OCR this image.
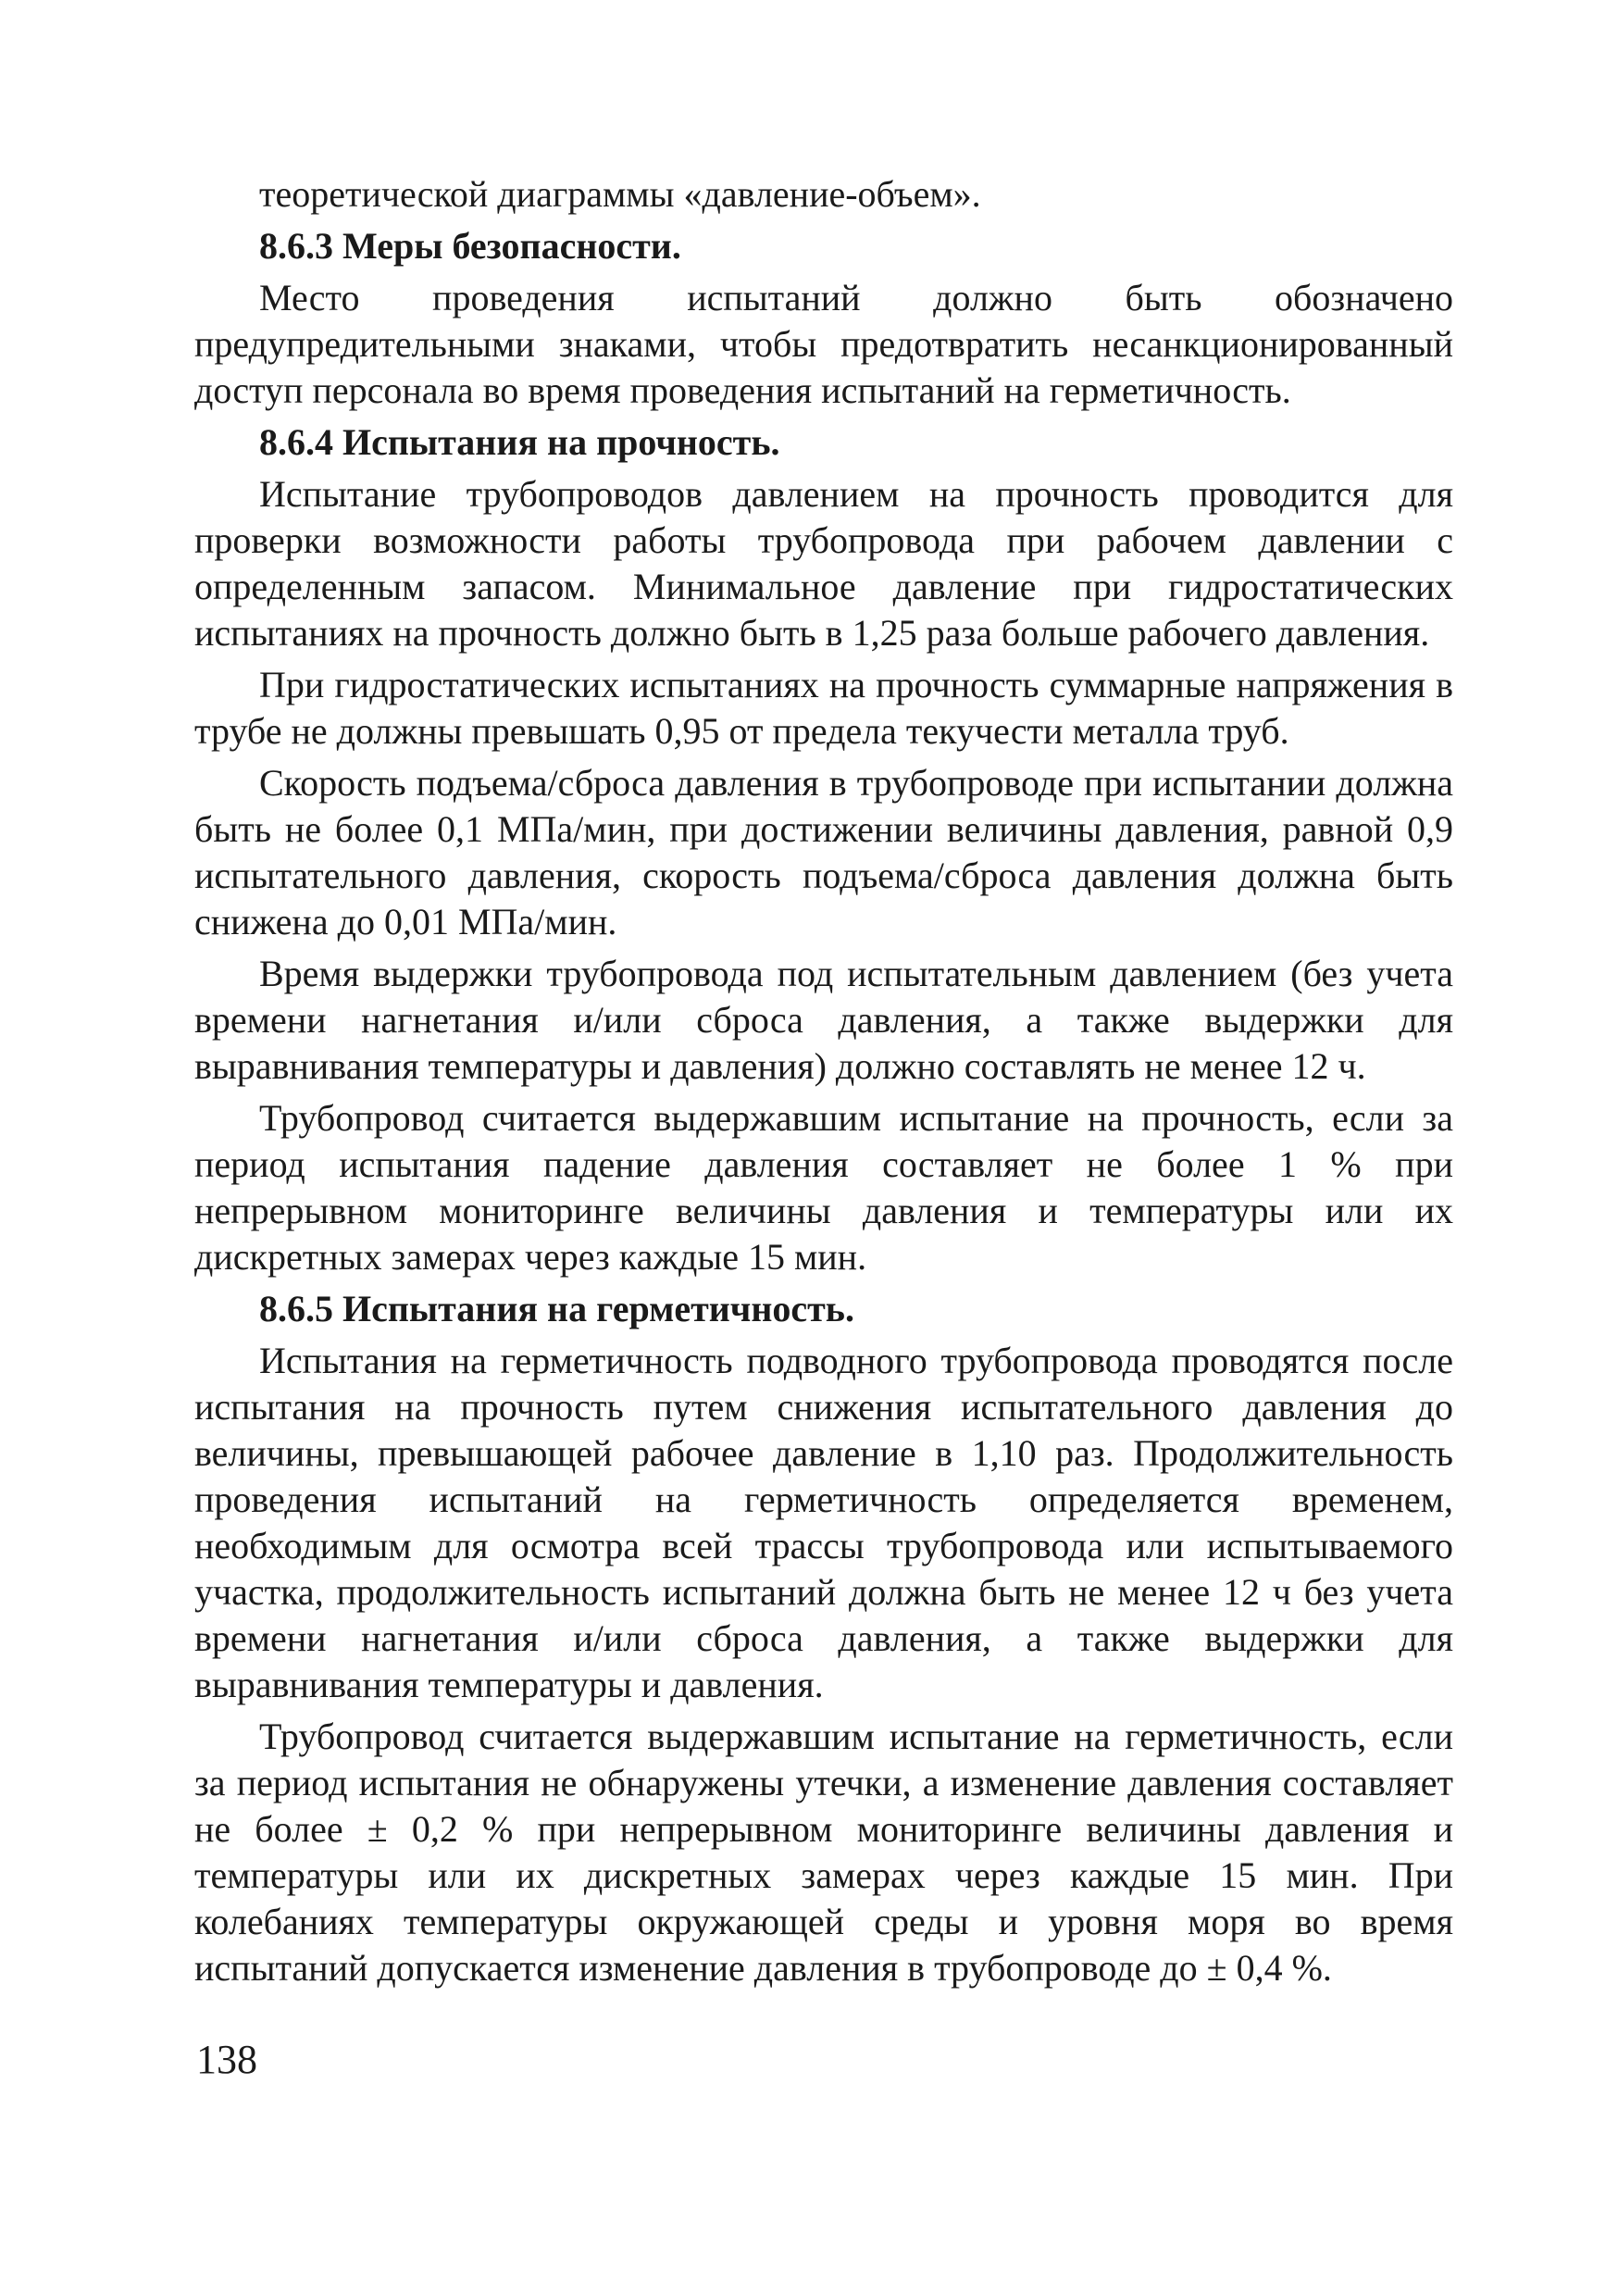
теоретической диаграммы «давление-объем».

8.6.3 Меры безопасности.

Место проведения испытаний должно быть обозначено предупредительными знаками, чтобы предотвратить несанкционированный доступ персонала во время проведения испытаний на герметичность.

8.6.4 Испытания на прочность.

Испытание трубопроводов давлением на прочность проводится для проверки возможности работы трубопровода при рабочем давлении с определенным запасом. Минимальное давление при гидростатических испытаниях на прочность должно быть в 1,25 раза больше рабочего давления.

При гидростатических испытаниях на прочность суммарные напряжения в трубе не должны превышать 0,95 от предела текучести металла труб.

Скорость подъема/сброса давления в трубопроводе при испытании должна быть не более 0,1 МПа/мин, при достижении величины давления, равной 0,9 испытательного давления, скорость подъема/сброса давления должна быть снижена до 0,01 МПа/мин.

Время выдержки трубопровода под испытательным давлением (без учета времени нагнетания и/или сброса давления, а также выдержки для выравнивания температуры и давления) должно составлять не менее 12 ч.

Трубопровод считается выдержавшим испытание на прочность, если за период испытания падение давления составляет не более 1 % при непрерывном мониторинге величины давления и температуры или их дискретных замерах через каждые 15 мин.

8.6.5 Испытания на герметичность.

Испытания на герметичность подводного трубопровода проводятся после испытания на прочность путем снижения испытательного давления до величины, превышающей рабочее давление в 1,10 раз. Продолжительность проведения испытаний на герметичность определяется временем, необходимым для осмотра всей трассы трубопровода или испытываемого участка, продолжительность испытаний должна быть не менее 12 ч без учета времени нагнетания и/или сброса давления, а также выдержки для выравнивания температуры и давления.

Трубопровод считается выдержавшим испытание на герметичность, если за период испытания не обнаружены утечки, а изменение давления составляет не более ± 0,2 % при непрерывном мониторинге величины давления и температуры или их дискретных замерах через каждые 15 мин. При колебаниях температуры окружающей среды и уровня моря во время испытаний допускается изменение давления в трубопроводе до ± 0,4 %.

138
